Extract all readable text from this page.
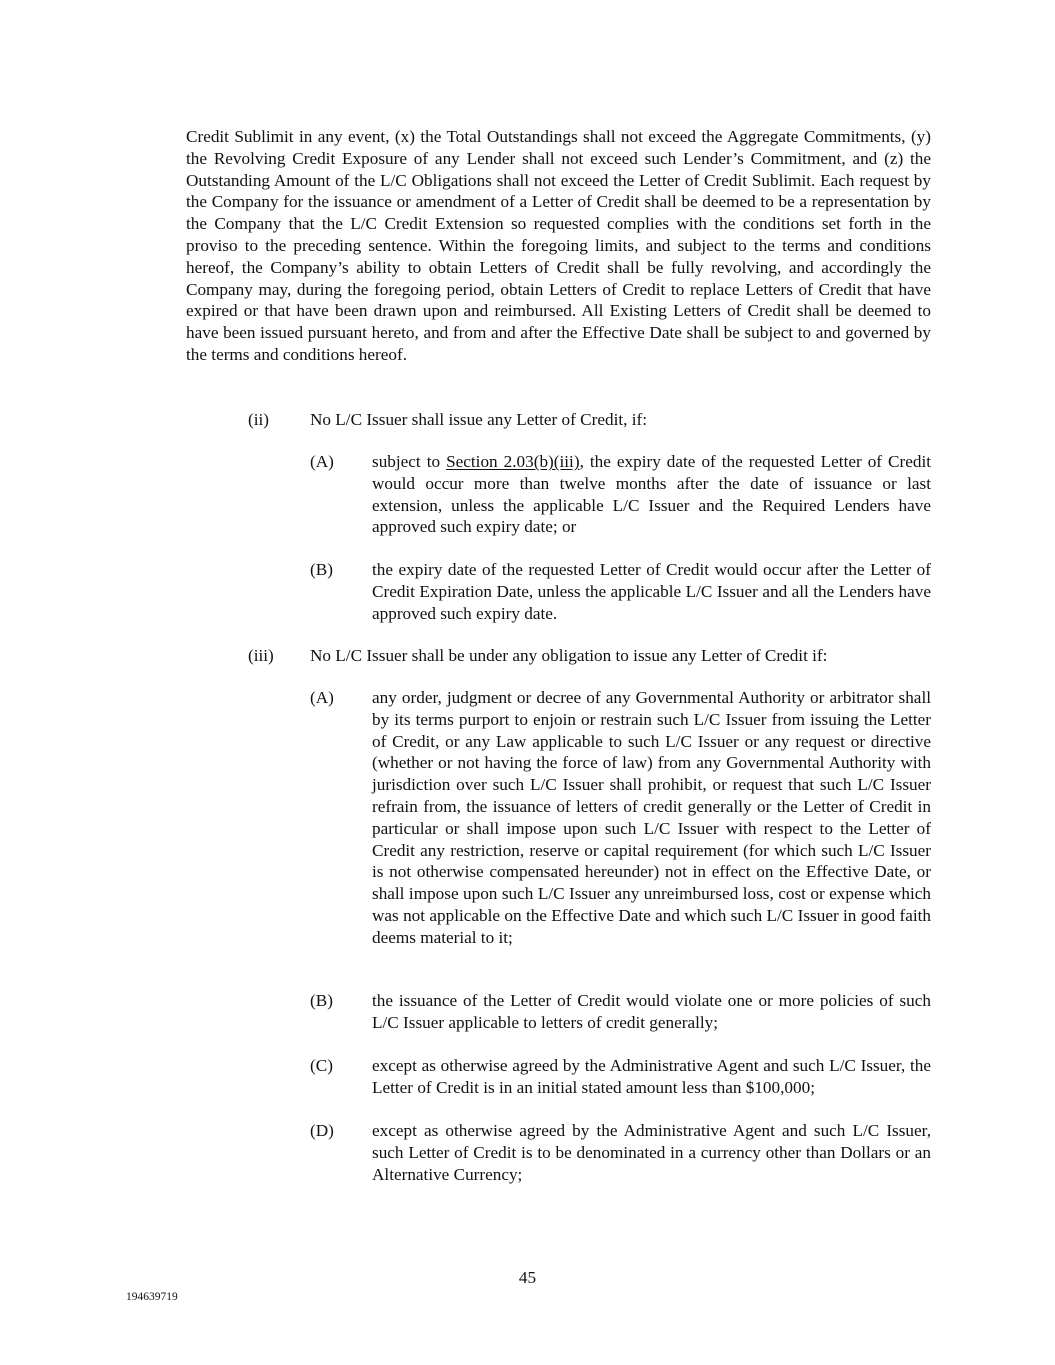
Credit Sublimit in any event, (x) the Total Outstandings shall not exceed the Aggregate Commitments, (y) the Revolving Credit Exposure of any Lender shall not exceed such Lender’s Commitment, and (z) the Outstanding Amount of the L/C Obligations shall not exceed the Letter of Credit Sublimit. Each request by the Company for the issuance or amendment of a Letter of Credit shall be deemed to be a representation by the Company that the L/C Credit Extension so requested complies with the conditions set forth in the proviso to the preceding sentence. Within the foregoing limits, and subject to the terms and conditions hereof, the Company’s ability to obtain Letters of Credit shall be fully revolving, and accordingly the Company may, during the foregoing period, obtain Letters of Credit to replace Letters of Credit that have expired or that have been drawn upon and reimbursed. All Existing Letters of Credit shall be deemed to have been issued pursuant hereto, and from and after the Effective Date shall be subject to and governed by the terms and conditions hereof.

(ii) No L/C Issuer shall issue any Letter of Credit, if:
(A) subject to Section 2.03(b)(iii), the expiry date of the requested Letter of Credit would occur more than twelve months after the date of issuance or last extension, unless the applicable L/C Issuer and the Required Lenders have approved such expiry date; or
(B) the expiry date of the requested Letter of Credit would occur after the Letter of Credit Expiration Date, unless the applicable L/C Issuer and all the Lenders have approved such expiry date.
(iii) No L/C Issuer shall be under any obligation to issue any Letter of Credit if:
(A) any order, judgment or decree of any Governmental Authority or arbitrator shall by its terms purport to enjoin or restrain such L/C Issuer from issuing the Letter of Credit, or any Law applicable to such L/C Issuer or any request or directive (whether or not having the force of law) from any Governmental Authority with jurisdiction over such L/C Issuer shall prohibit, or request that such L/C Issuer refrain from, the issuance of letters of credit generally or the Letter of Credit in particular or shall impose upon such L/C Issuer with respect to the Letter of Credit any restriction, reserve or capital requirement (for which such L/C Issuer is not otherwise compensated hereunder) not in effect on the Effective Date, or shall impose upon such L/C Issuer any unreimbursed loss, cost or expense which was not applicable on the Effective Date and which such L/C Issuer in good faith deems material to it;
(B) the issuance of the Letter of Credit would violate one or more policies of such L/C Issuer applicable to letters of credit generally;
(C) except as otherwise agreed by the Administrative Agent and such L/C Issuer, the Letter of Credit is in an initial stated amount less than $100,000;
(D) except as otherwise agreed by the Administrative Agent and such L/C Issuer, such Letter of Credit is to be denominated in a currency other than Dollars or an Alternative Currency;
45
194639719
